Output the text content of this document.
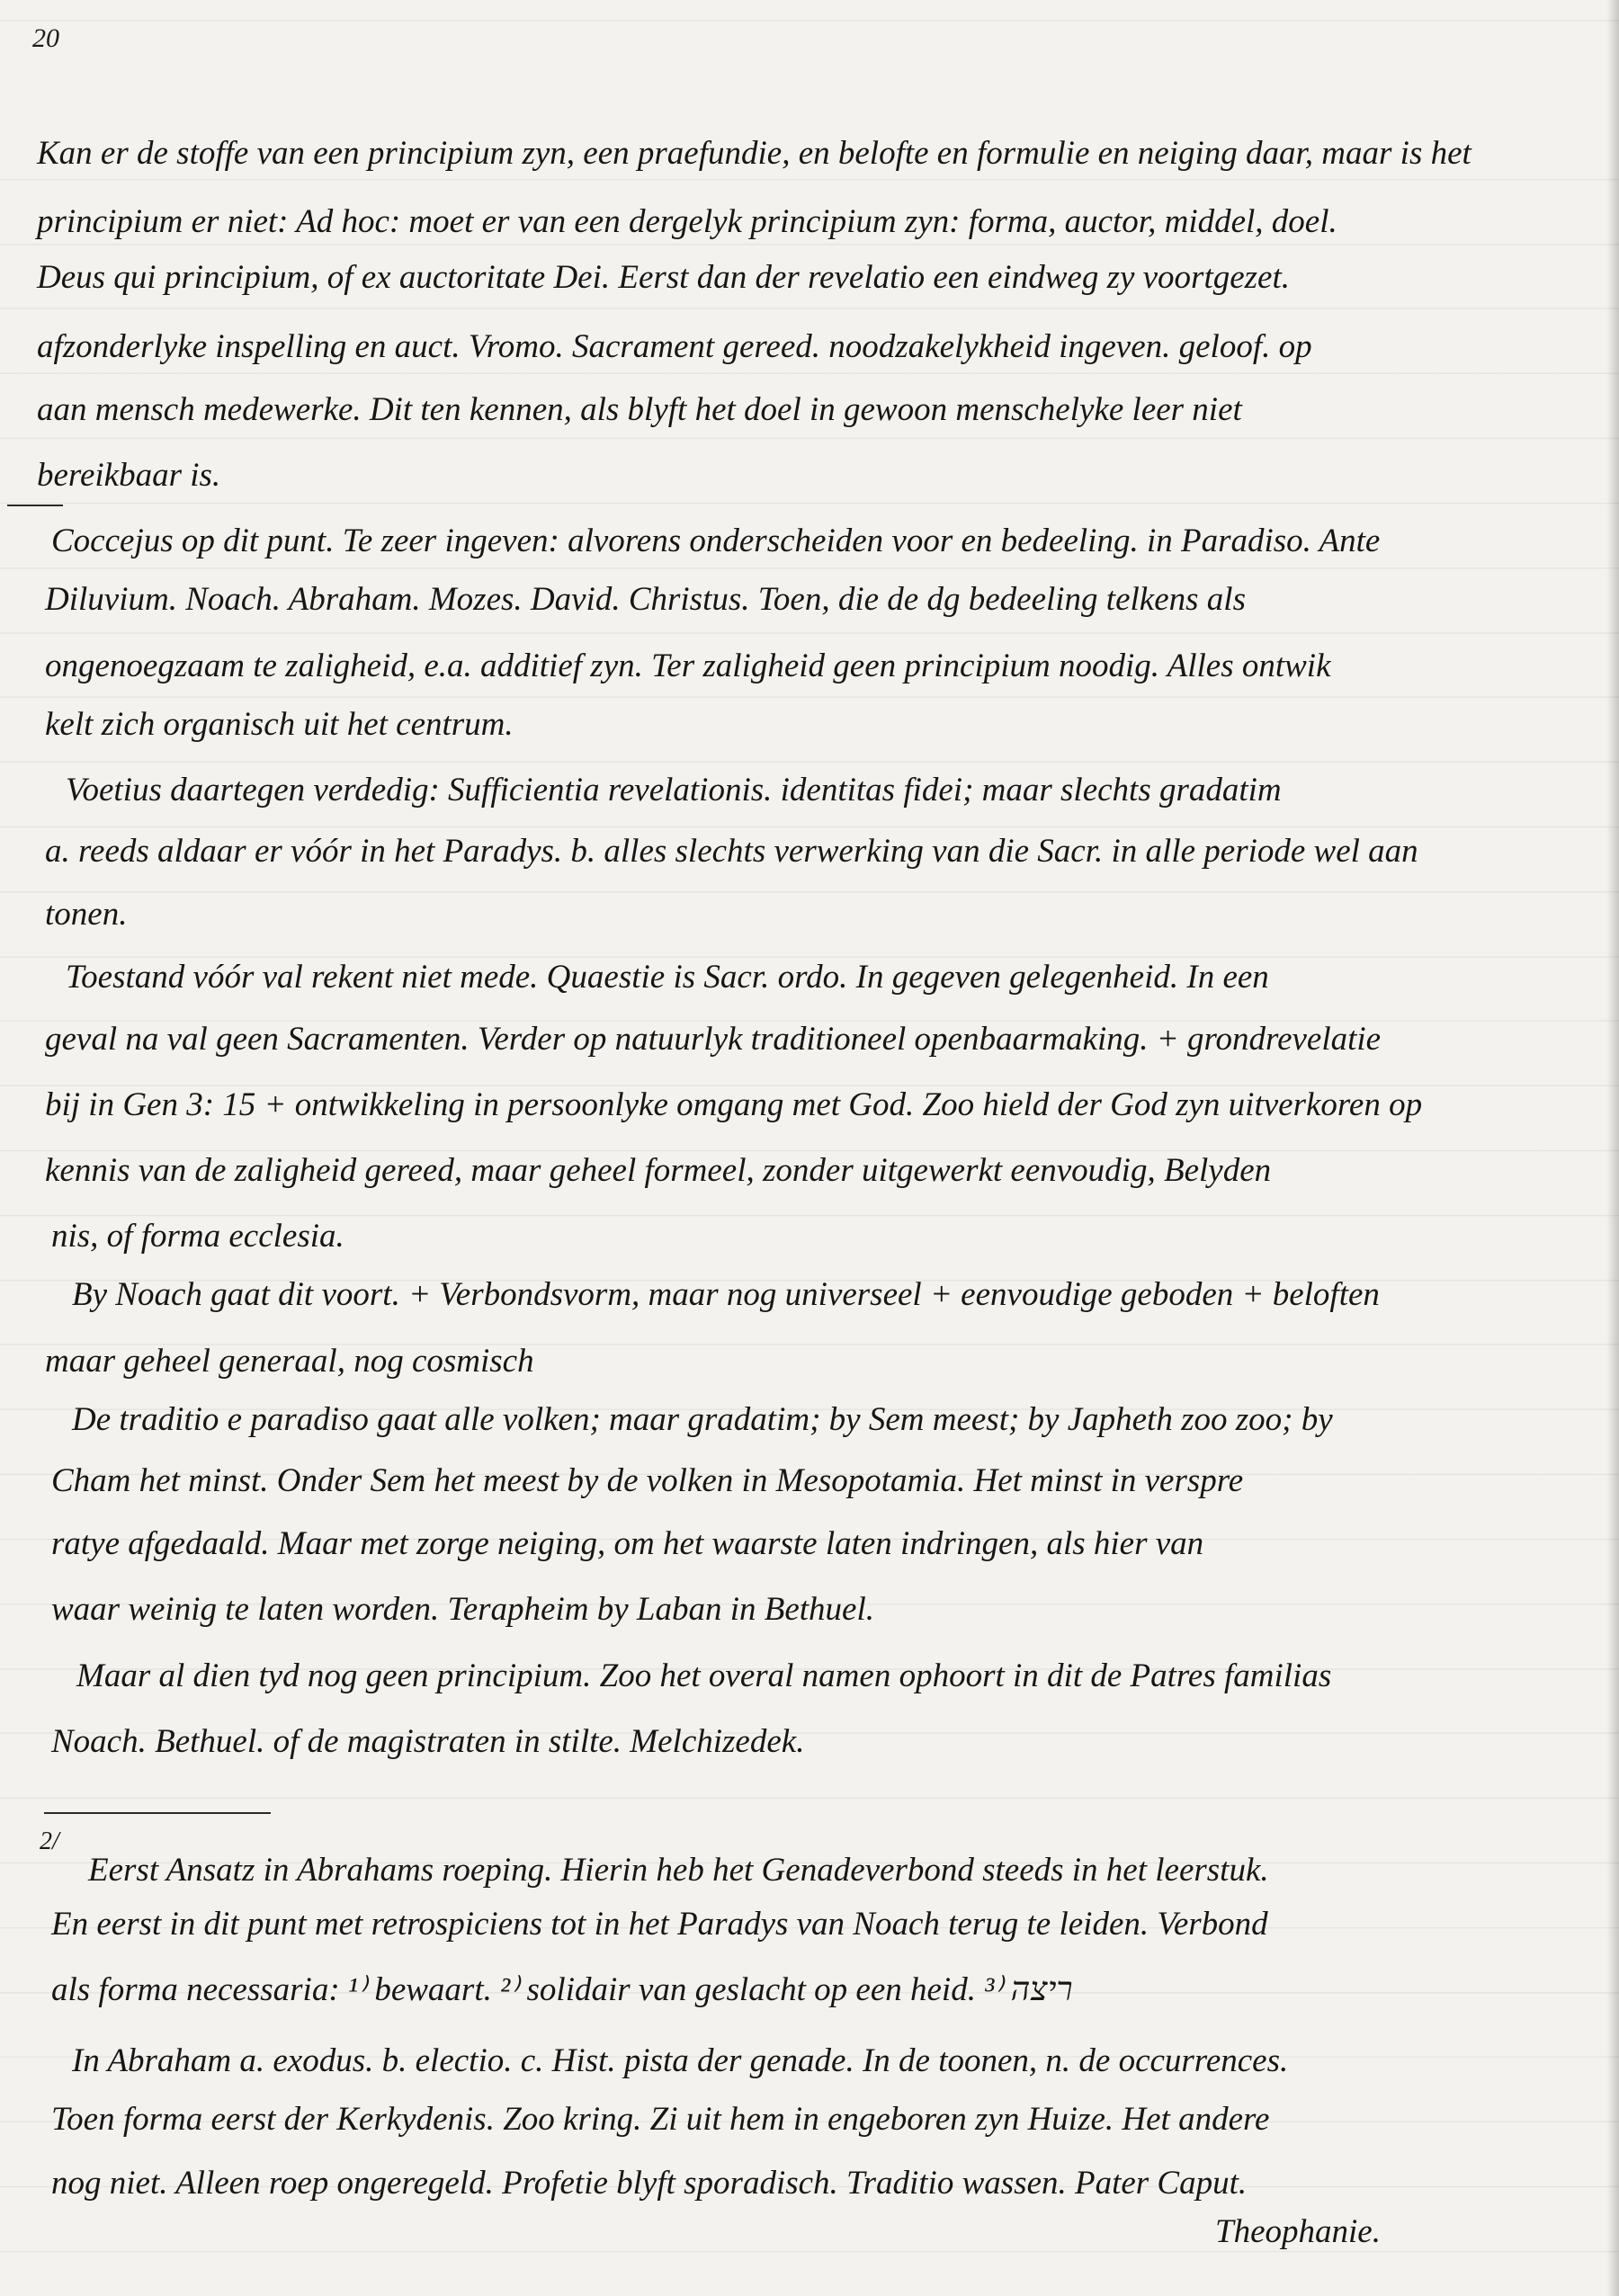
20
Kan er de stoffe van een principium zyn, een praefundie, en belofte en formulie en neiging daar, maar is het
principium er niet: Ad hoc: moet er van een dergelyk principium zyn: forma, auctor, middel, doel.
Deus qui principium, of ex auctoritate Dei. Eerst dan der revelatio een eindweg zy voortgezet.
afzonderlyke inspelling en auct. Vromo. Sacrament gereed. noodzakelykheid ingeven. geloof. op
aan mensch medewerke. Dit ten kennen, als blyft het doel in gewoon menschelyke leer niet
bereikbaar is.
Coccejus op dit punt. Te zeer ingeven: alvorens onderscheiden voor en bedeeling. in Paradiso. Ante
Diluvium. Noach. Abraham. Mozes. David. Christus. Toen, die de dg bedeeling telkens als
ongenoegzaam te zaligheid, e.a. additief zyn. Ter zaligheid geen principium noodig. Alles ontwik
kelt zich organisch uit het centrum.
Voetius daartegen verdedig: Sufficientia revelationis. identitas fidei; maar slechts gradatim
a. reeds aldaar er vóór in het Paradys. b. alles slechts verwerking van die Sacr. in alle periode wel aan
tonen.
Toestand vóór val rekent niet mede. Quaestie is Sacr. ordo. In gegeven gelegenheid. In een
geval na val geen Sacramenten. Verder op natuurlyk traditioneel openbaarmaking. + grondrevelatie
bij in Gen 3: 15 + ontwikkeling in persoonlyke omgang met God. Zoo hield der God zyn uitverkoren op
kennis van de zaligheid gereed, maar geheel formeel, zonder uitgewerkt eenvoudig, Belyden
nis, of forma ecclesia.
By Noach gaat dit voort. + Verbondsvorm, maar nog universeel + eenvoudige geboden + beloften
maar geheel generaal, nog cosmisch
De traditio e paradiso gaat alle volken; maar gradatim; by Sem meest; by Japheth zoo zoo; by
Cham het minst. Onder Sem het meest by de volken in Mesopotamia. Het minst in verspre
ratye afgedaald. Maar met zorge neiging, om het waarste laten indringen, als hier van
waar weinig te laten worden. Terapheim by Laban in Bethuel.
Maar al dien tyd nog geen principium. Zoo het overal namen ophoort in dit de Patres familias
Noach. Bethuel. of de magistraten in stilte. Melchizedek.
2/
Eerst Ansatz in Abrahams roeping. Hierin heb het Genadeverbond steeds in het leerstuk.
En eerst in dit punt met retrospiciens tot in het Paradys van Noach terug te leiden. Verbond
als forma necessaria: ¹⁾ bewaart. ²⁾ solidair van geslacht op een heid. ³⁾ ריצה
In Abraham a. exodus. b. electio. c. Hist. pista der genade. In de toonen, n. de occurrences.
Toen forma eerst der Kerkydenis. Zoo kring. Zi uit hem in engeboren zyn Huize. Het andere
nog niet. Alleen roep ongeregeld. Profetie blyft sporadisch. Traditio wassen. Pater Caput.
Theophanie.
